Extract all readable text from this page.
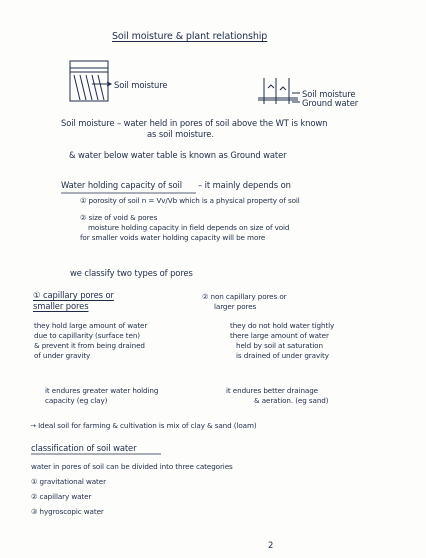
Soil moisture & plant relationship
Soil moisture
Soil moisture
Ground water
Soil moisture – water held in pores of soil above the WT is known
as soil moisture.
& water below water table is known as Ground water
Water holding capacity of soil – it mainly depends on
① porosity of soil n = Vv/Vb which is a physical property of soil
② size of void & pores
moisture holding capacity in field depends on size of void
for smaller voids water holding capacity will be more
we classify two types of pores
① capillary pores or
smaller pores
② non capillary pores or
larger pores
they hold large amount of water
due to capillarity (surface ten)
& prevent it from being drained
of under gravity
they do not hold water tightly
there large amount of water
held by soil at saturation
is drained of under gravity
it endures greater water holding
capacity (eg clay)
it endures better drainage
& aeration. (eg sand)
→ Ideal soil for farming & cultivation is mix of clay & sand (loam)
classification of soil water
water in pores of soil can be divided into three categories
① gravitational water
② capillary water
③ hygroscopic water
2
